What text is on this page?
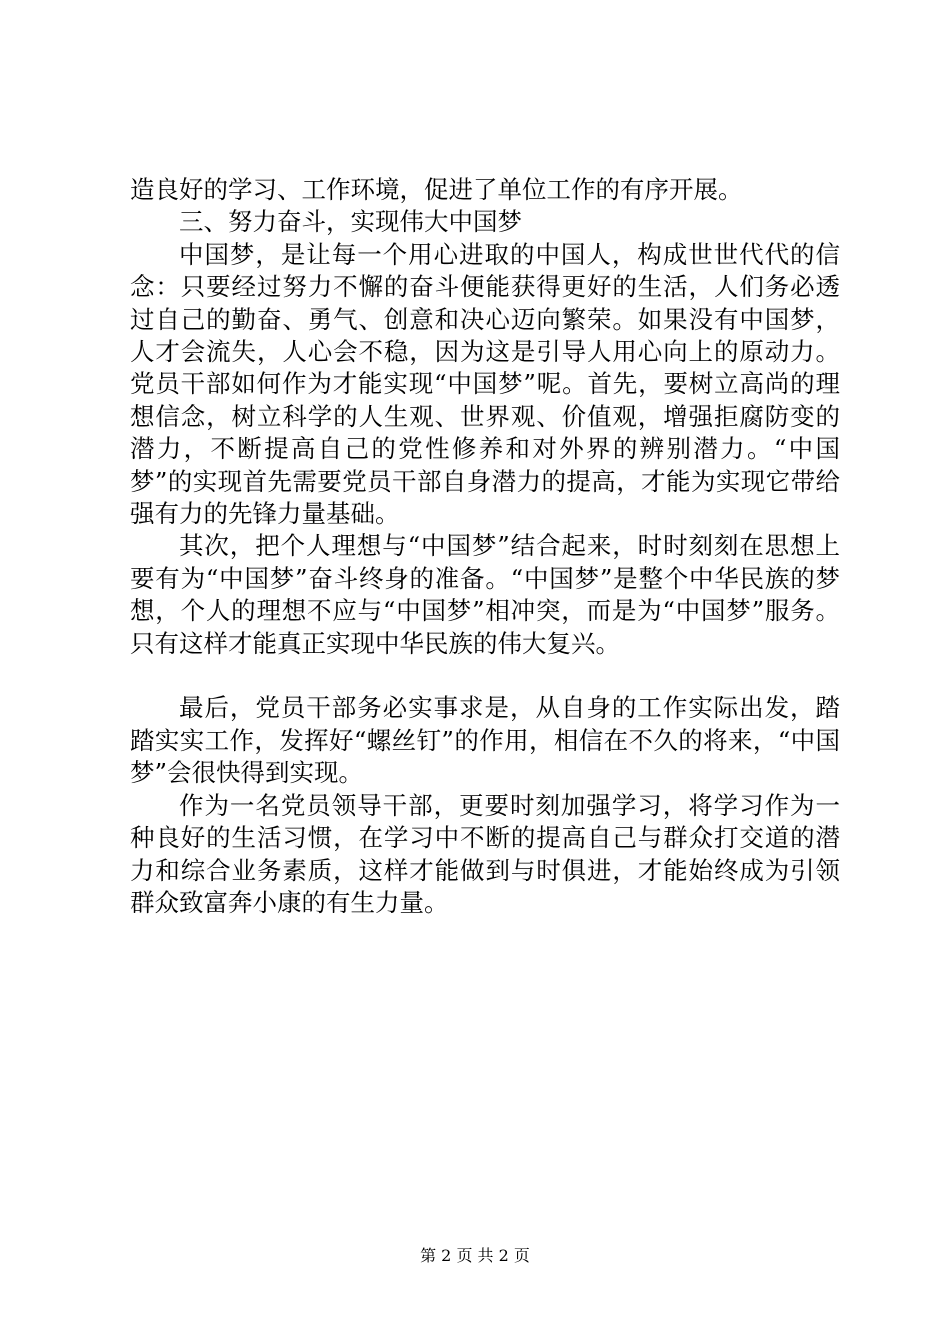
造良好的学习、工作环境，促进了单位工作的有序开展。

三、努力奋斗，实现伟大中国梦

中国梦，是让每一个用心进取的中国人，构成世世代代的信念：只要经过努力不懈的奋斗便能获得更好的生活，人们务必透过自己的勤奋、勇气、创意和决心迈向繁荣。如果没有中国梦，人才会流失，人心会不稳，因为这是引导人用心向上的原动力。党员干部如何作为才能实现“中国梦”呢。首先，要树立高尚的理想信念，树立科学的人生观、世界观、价值观，增强拒腐防变的潜力，不断提高自己的党性修养和对外界的辨别潜力。“中国梦”的实现首先需要党员干部自身潜力的提高，才能为实现它带给强有力的先锋力量基础。

其次，把个人理想与“中国梦”结合起来，时时刻刻在思想上要有为“中国梦”奋斗终身的准备。“中国梦”是整个中华民族的梦想，个人的理想不应与“中国梦”相冲突，而是为“中国梦”服务。只有这样才能真正实现中华民族的伟大复兴。

最后，党员干部务必实事求是，从自身的工作实际出发，踏踏实实工作，发挥好“螺丝钉”的作用，相信在不久的将来，“中国梦”会很快得到实现。

作为一名党员领导干部，更要时刻加强学习，将学习作为一种良好的生活习惯，在学习中不断的提高自己与群众打交道的潜力和综合业务素质，这样才能做到与时俱进，才能始终成为引领群众致富奔小康的有生力量。

第 2 页 共 2 页
